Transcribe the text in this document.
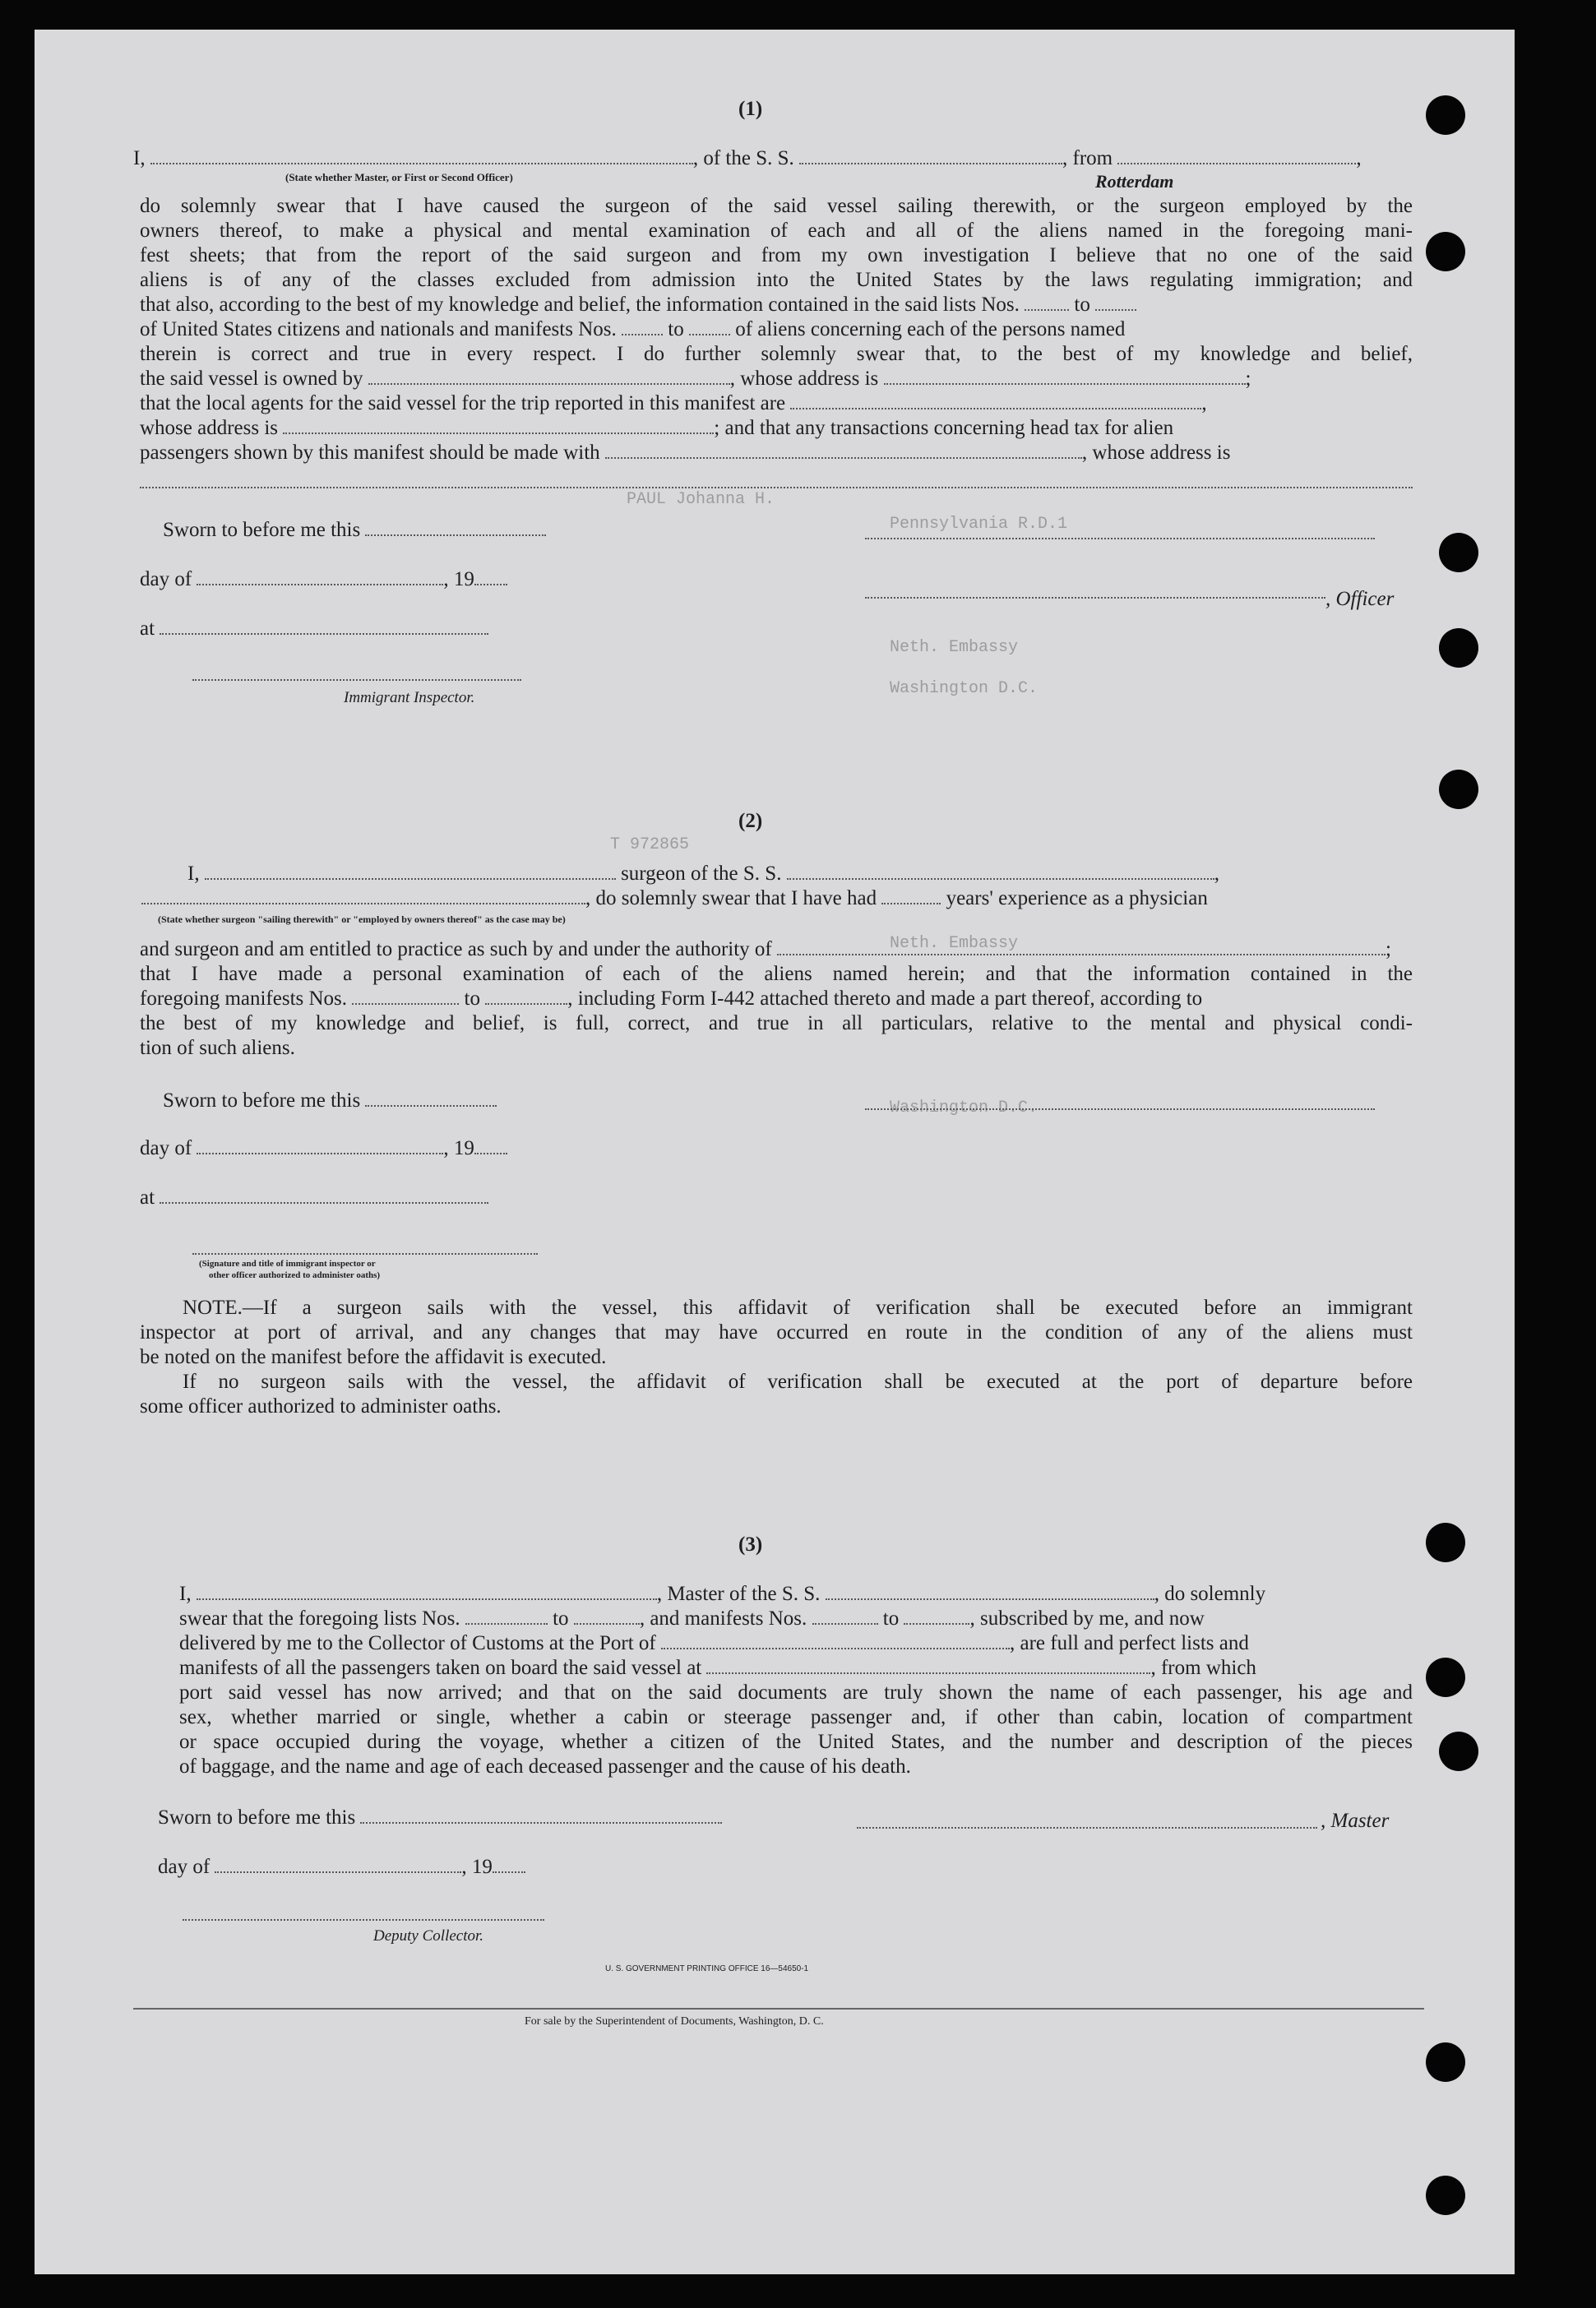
PAUL Johanna H.
Pennsylvania R.D.1
Neth. Embassy
Washington D.C.
T 972865
Neth. Embassy
Washington D.C.
(1)
I,	, of the S. S.	, from	,
(State whether Master, or First or Second Officer)	Rotterdam
do solemnly swear that I have caused the surgeon of the said vessel sailing therewith, or the surgeon employed by the
owners thereof, to make a physical and mental examination of each and all of the aliens named in the foregoing mani-
fest sheets; that from the report of the said surgeon and from my own investigation I believe that no one of the said
aliens is of any of the classes excluded from admission into the United States by the laws regulating immigration; and
that also, according to the best of my knowledge and belief, the information contained in the said lists Nos.	to
of United States citizens and nationals and manifests Nos.	to	of aliens concerning each of the persons named
therein is correct and true in every respect. I do further solemnly swear that, to the best of my knowledge and belief,
the said vessel is owned by	, whose address is	;
that the local agents for the said vessel for the trip reported in this manifest are	,
whose address is	; and that any transactions concerning head tax for alien
passengers shown by this manifest should be made with	, whose address is
Sworn to before me this
day of	, 19
, Officer
at
Immigrant Inspector.
(2)
I,	surgeon of the S. S.	,
, do solemnly swear that I have had	years' experience as a physician
(State whether surgeon "sailing therewith" or "employed by owners thereof" as the case may be)
and surgeon and am entitled to practice as such by and under the authority of	;
that I have made a personal examination of each of the aliens named herein; and that the information contained in the
foregoing manifests Nos.	to	, including Form I-442 attached thereto and made a part thereof, according to
the best of my knowledge and belief, is full, correct, and true in all particulars, relative to the mental and physical condi-
tion of such aliens.
Sworn to before me this
day of	, 19
at
(Signature and title of immigrant inspector or
other officer authorized to administer oaths)
NOTE.—If a surgeon sails with the vessel, this affidavit of verification shall be executed before an immigrant
inspector at port of arrival, and any changes that may have occurred en route in the condition of any of the aliens must
be noted on the manifest before the affidavit is executed.
If no surgeon sails with the vessel, the affidavit of verification shall be executed at the port of departure before
some officer authorized to administer oaths.
(3)
I,	, Master of the S. S.	, do solemnly
swear that the foregoing lists Nos.	to	, and manifests Nos.	to	, subscribed by me, and now
delivered by me to the Collector of Customs at the Port of	, are full and perfect lists and
manifests of all the passengers taken on board the said vessel at	, from which
port said vessel has now arrived; and that on the said documents are truly shown the name of each passenger, his age and
sex, whether married or single, whether a cabin or steerage passenger and, if other than cabin, location of compartment
or space occupied during the voyage, whether a citizen of the United States, and the number and description of the pieces
of baggage, and the name and age of each deceased passenger and the cause of his death.
Sworn to before me this	, Master
day of	, 19
Deputy Collector.
U. S. GOVERNMENT PRINTING OFFICE 16—54650-1
For sale by the Superintendent of Documents, Washington, D. C.
